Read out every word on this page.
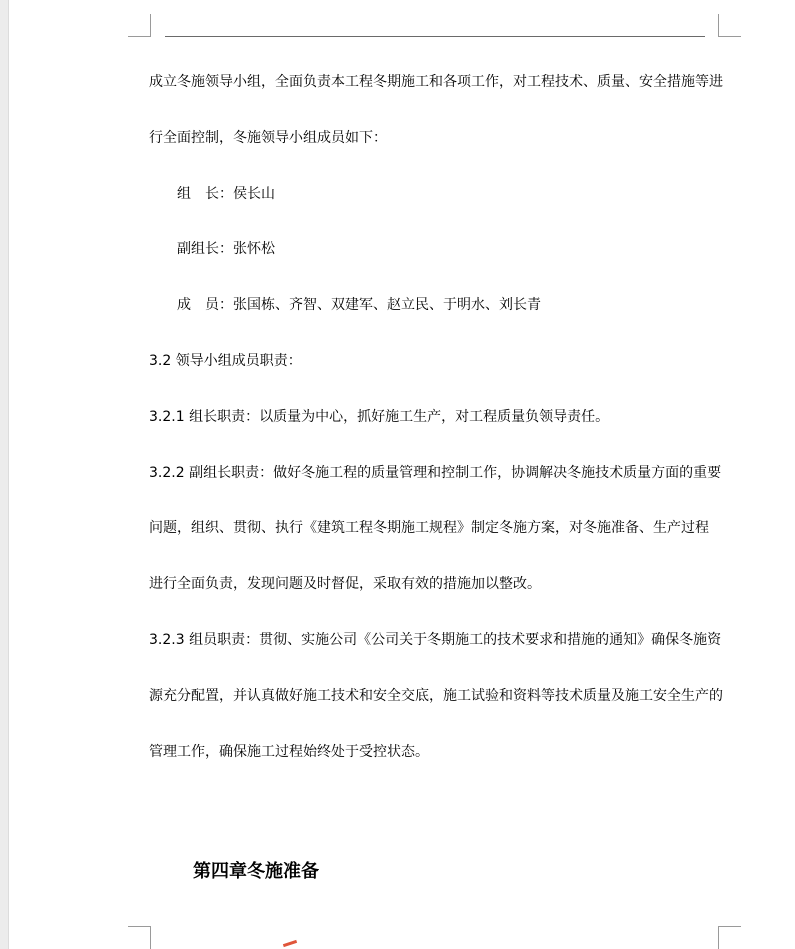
成立冬施领导小组，全面负责本工程冬期施工和各项工作，对工程技术、质量、安全措施等进
行全面控制，冬施领导小组成员如下：
组　长：侯长山
副组长：张怀松
成　员：张国栋、齐智、双建军、赵立民、于明水、刘长青
3.2 领导小组成员职责：
3.2.1 组长职责：以质量为中心，抓好施工生产，对工程质量负领导责任。
3.2.2 副组长职责：做好冬施工程的质量管理和控制工作，协调解决冬施技术质量方面的重要
问题，组织、贯彻、执行《建筑工程冬期施工规程》制定冬施方案，对冬施准备、生产过程
进行全面负责，发现问题及时督促，采取有效的措施加以整改。
3.2.3 组员职责：贯彻、实施公司《公司关于冬期施工的技术要求和措施的通知》确保冬施资
源充分配置，并认真做好施工技术和安全交底，施工试验和资料等技术质量及施工安全生产的
管理工作，确保施工过程始终处于受控状态。
第四章冬施准备
